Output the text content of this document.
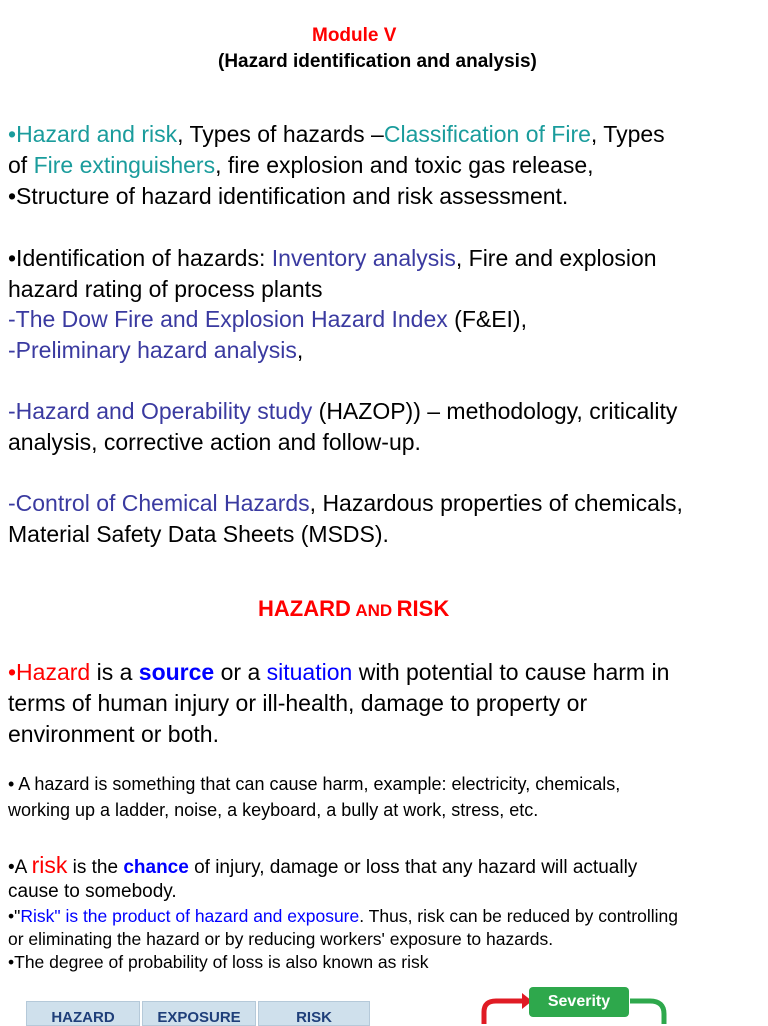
Module V
(Hazard identification and analysis)
•Hazard and risk, Types of hazards –Classification of Fire, Types
of Fire extinguishers, fire explosion and toxic gas release,
•Structure of hazard identification and risk assessment.
•Identification of hazards: Inventory analysis, Fire and explosion
hazard rating of process plants
-The Dow Fire and Explosion Hazard Index (F&EI),
-Preliminary hazard analysis,
-Hazard and Operability study (HAZOP)) – methodology, criticality
analysis, corrective action and follow-up.
-Control of Chemical Hazards, Hazardous properties of chemicals,
Material Safety Data Sheets (MSDS).
HAZARD AND RISK
•Hazard is a source or a situation with potential to cause harm in
terms of human injury or ill-health, damage to property or
environment or both.
• A hazard is something that can cause harm, example: electricity, chemicals,
working up a ladder, noise, a keyboard, a bully at work, stress, etc.
•A risk is the chance of injury, damage or loss that any hazard will actually
cause to somebody.
•"Risk" is the product of hazard and exposure. Thus, risk can be reduced by controlling
or eliminating the hazard or by reducing workers' exposure to hazards.
•The degree of probability of loss is also known as risk
HAZARD	EXPOSURE	RISK
Severity
